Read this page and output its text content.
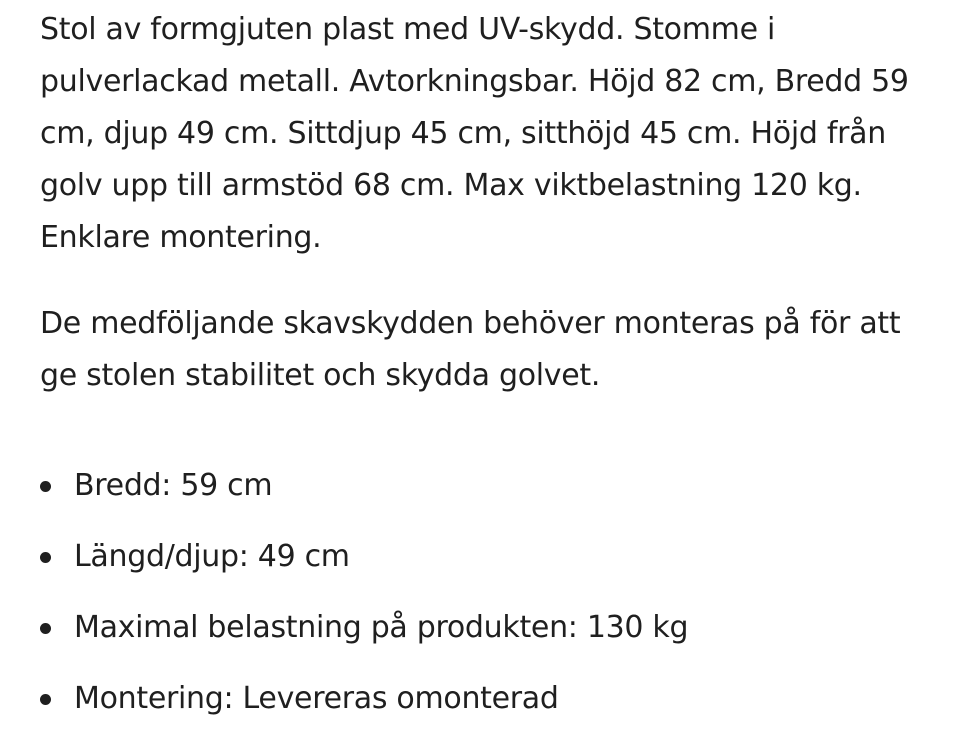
Stol av formgjuten plast med UV-skydd. Stomme i pulverlackad metall. Avtorkningsbar. Höjd 82 cm, Bredd 59 cm, djup 49 cm. Sittdjup 45 cm, sitthöjd 45 cm. Höjd från golv upp till armstöd 68 cm. Max viktbelastning 120 kg. Enklare montering.

De medföljande skavskydden behöver monteras på för att ge stolen stabilitet och skydda golvet.

Bredd: 59 cm
Längd/djup: 49 cm
Maximal belastning på produkten: 130 kg
Montering: Levereras omonterad
